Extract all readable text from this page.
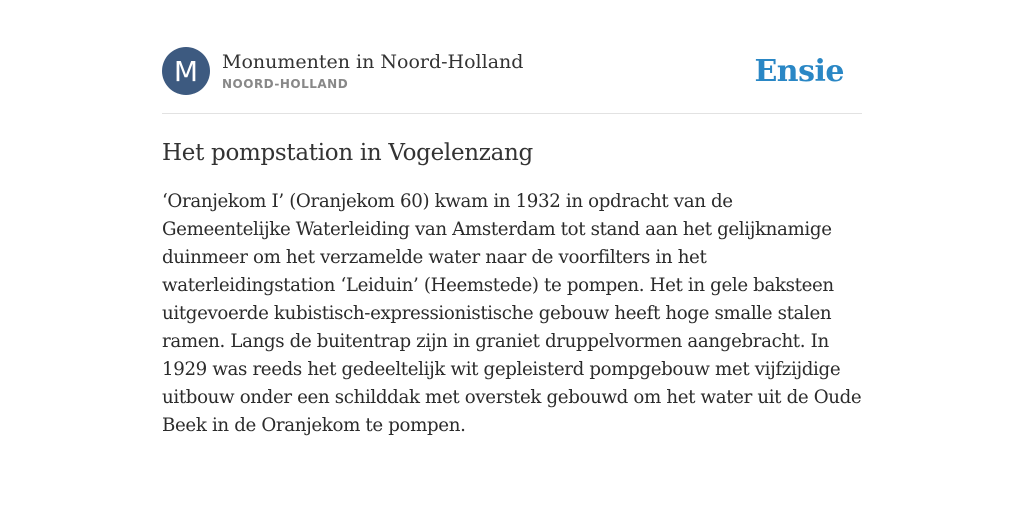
M	Monumenten in Noord-Holland
NOORD-HOLLAND	Ensie
Het pompstation in Vogelenzang

‘Oranjekom I’ (Oranjekom 60) kwam in 1932 in opdracht van de Gemeentelijke Waterleiding van Amsterdam tot stand aan het gelijknamige duinmeer om het verzamelde water naar de voorfilters in het waterleidingstation ‘Leiduin’ (Heemstede) te pompen. Het in gele baksteen uitgevoerde kubistisch-expressionistische gebouw heeft hoge smalle stalen ramen. Langs de buitentrap zijn in graniet druppelvormen aangebracht. In 1929 was reeds het gedeeltelijk wit gepleisterd pompgebouw met vijfzijdige uitbouw onder een schilddak met overstek gebouwd om het water uit de Oude Beek in de Oranjekom te pompen.
